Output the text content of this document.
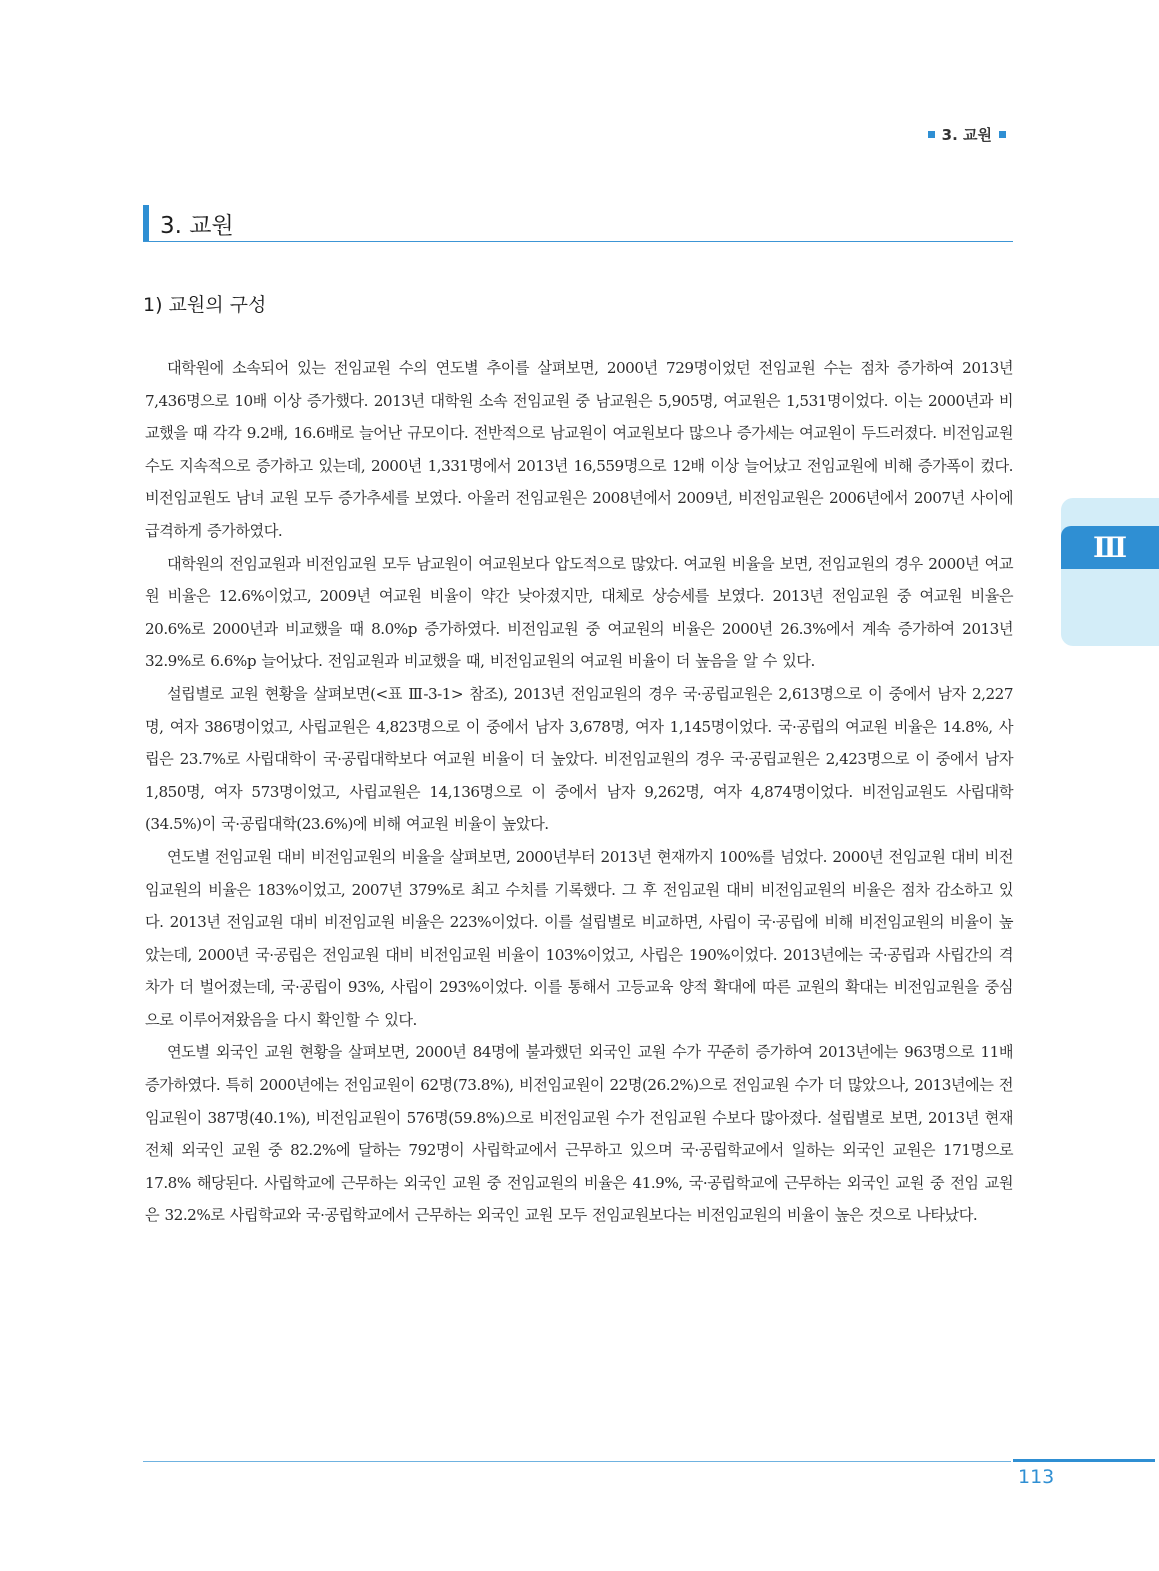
3. 교원
3. 교원
1) 교원의 구성

대학원에 소속되어 있는 전임교원 수의 연도별 추이를 살펴보면, 2000년 729명이었던 전임교원 수는 점차 증가하여 2013년 7,436명으로 10배 이상 증가했다. 2013년 대학원 소속 전임교원 중 남교원은 5,905명, 여교원은 1,531명이었다. 이는 2000년과 비교했을 때 각각 9.2배, 16.6배로 늘어난 규모이다. 전반적으로 남교원이 여교원보다 많으나 증가세는 여교원이 두드러졌다. 비전임교원 수도 지속적으로 증가하고 있는데, 2000년 1,331명에서 2013년 16,559명으로 12배 이상 늘어났고 전임교원에 비해 증가폭이 컸다. 비전임교원도 남녀 교원 모두 증가추세를 보였다. 아울러 전임교원은 2008년에서 2009년, 비전임교원은 2006년에서 2007년 사이에 급격하게 증가하였다.

대학원의 전임교원과 비전임교원 모두 남교원이 여교원보다 압도적으로 많았다. 여교원 비율을 보면, 전임교원의 경우 2000년 여교원 비율은 12.6%이었고, 2009년 여교원 비율이 약간 낮아졌지만, 대체로 상승세를 보였다. 2013년 전임교원 중 여교원 비율은 20.6%로 2000년과 비교했을 때 8.0%p 증가하였다. 비전임교원 중 여교원의 비율은 2000년 26.3%에서 계속 증가하여 2013년 32.9%로 6.6%p 늘어났다. 전임교원과 비교했을 때, 비전임교원의 여교원 비율이 더 높음을 알 수 있다.

설립별로 교원 현황을 살펴보면(<표 Ⅲ-3-1> 참조), 2013년 전임교원의 경우 국·공립교원은 2,613명으로 이 중에서 남자 2,227명, 여자 386명이었고, 사립교원은 4,823명으로 이 중에서 남자 3,678명, 여자 1,145명이었다. 국·공립의 여교원 비율은 14.8%, 사립은 23.7%로 사립대학이 국·공립대학보다 여교원 비율이 더 높았다. 비전임교원의 경우 국·공립교원은 2,423명으로 이 중에서 남자 1,850명, 여자 573명이었고, 사립교원은 14,136명으로 이 중에서 남자 9,262명, 여자 4,874명이었다. 비전임교원도 사립대학(34.5%)이 국·공립대학(23.6%)에 비해 여교원 비율이 높았다.

연도별 전임교원 대비 비전임교원의 비율을 살펴보면, 2000년부터 2013년 현재까지 100%를 넘었다. 2000년 전임교원 대비 비전임교원의 비율은 183%이었고, 2007년 379%로 최고 수치를 기록했다. 그 후 전임교원 대비 비전임교원의 비율은 점차 감소하고 있다. 2013년 전임교원 대비 비전임교원 비율은 223%이었다. 이를 설립별로 비교하면, 사립이 국·공립에 비해 비전임교원의 비율이 높았는데, 2000년 국·공립은 전임교원 대비 비전임교원 비율이 103%이었고, 사립은 190%이었다. 2013년에는 국·공립과 사립간의 격차가 더 벌어졌는데, 국·공립이 93%, 사립이 293%이었다. 이를 통해서 고등교육 양적 확대에 따른 교원의 확대는 비전임교원을 중심으로 이루어져왔음을 다시 확인할 수 있다.

연도별 외국인 교원 현황을 살펴보면, 2000년 84명에 불과했던 외국인 교원 수가 꾸준히 증가하여 2013년에는 963명으로 11배 증가하였다. 특히 2000년에는 전임교원이 62명(73.8%), 비전임교원이 22명(26.2%)으로 전임교원 수가 더 많았으나, 2013년에는 전임교원이 387명(40.1%), 비전임교원이 576명(59.8%)으로 비전임교원 수가 전임교원 수보다 많아졌다. 설립별로 보면, 2013년 현재 전체 외국인 교원 중 82.2%에 달하는 792명이 사립학교에서 근무하고 있으며 국·공립학교에서 일하는 외국인 교원은 171명으로 17.8% 해당된다. 사립학교에 근무하는 외국인 교원 중 전임교원의 비율은 41.9%, 국·공립학교에 근무하는 외국인 교원 중 전임 교원은 32.2%로 사립학교와 국·공립학교에서 근무하는 외국인 교원 모두 전임교원보다는 비전임교원의 비율이 높은 것으로 나타났다.

Ⅲ
113
